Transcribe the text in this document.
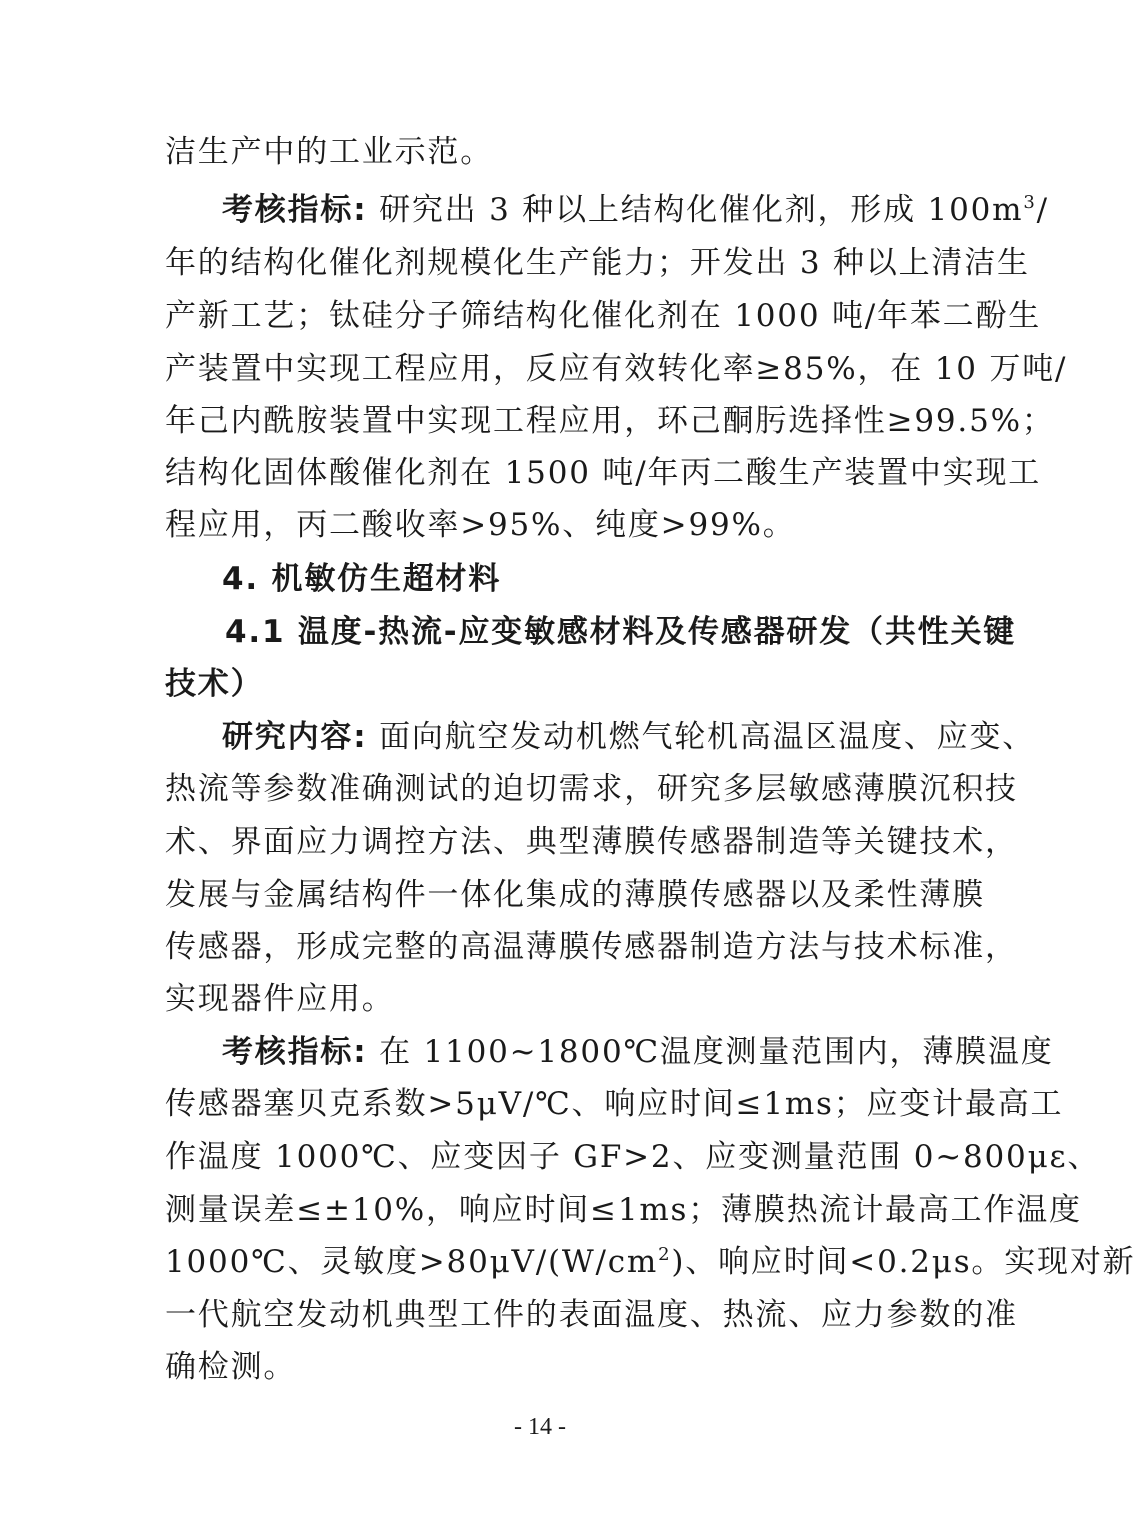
洁生产中的工业示范。
考核指标: 研究出 3 种以上结构化催化剂，形成 $100m^3/$
年的结构化催化剂规模化生产能力；开发出 3 种以上清洁生
产新工艺；钛硅分子筛结构化催化剂在 1000 吨/年苯二酚生
产装置中实现工程应用，反应有效转化率≥85%，在 10 万吨/
年己内酰胺装置中实现工程应用，环己酮肟选择性≥99.5%；
结构化固体酸催化剂在 1500 吨/年丙二酸生产装置中实现工
程应用，丙二酸收率>95%、纯度>99%。
4. 机敏仿生超材料
4.1 温度-热流-应变敏感材料及传感器研发（共性关键
技术）
研究内容: 面向航空发动机燃气轮机高温区温度、应变、
热流等参数准确测试的迫切需求，研究多层敏感薄膜沉积技
术、界面应力调控方法、典型薄膜传感器制造等关键技术，
发展与金属结构件一体化集成的薄膜传感器以及柔性薄膜
传感器，形成完整的高温薄膜传感器制造方法与技术标准，
实现器件应用。
考核指标: 在 1100~1800℃温度测量范围内，薄膜温度
传感器塞贝克系数>5μV/℃、响应时间≤1ms；应变计最高工
作温度 1000℃、应变因子 GF>2、应变测量范围 0~800με、
测量误差≤±10%，响应时间≤1ms；薄膜热流计最高工作温度
1000℃、灵敏度$>80\mu V/(W/cm^2)$、响应时间<0.2μs。实现对新
一代航空发动机典型工件的表面温度、热流、应力参数的准
确检测。
- 14 -
